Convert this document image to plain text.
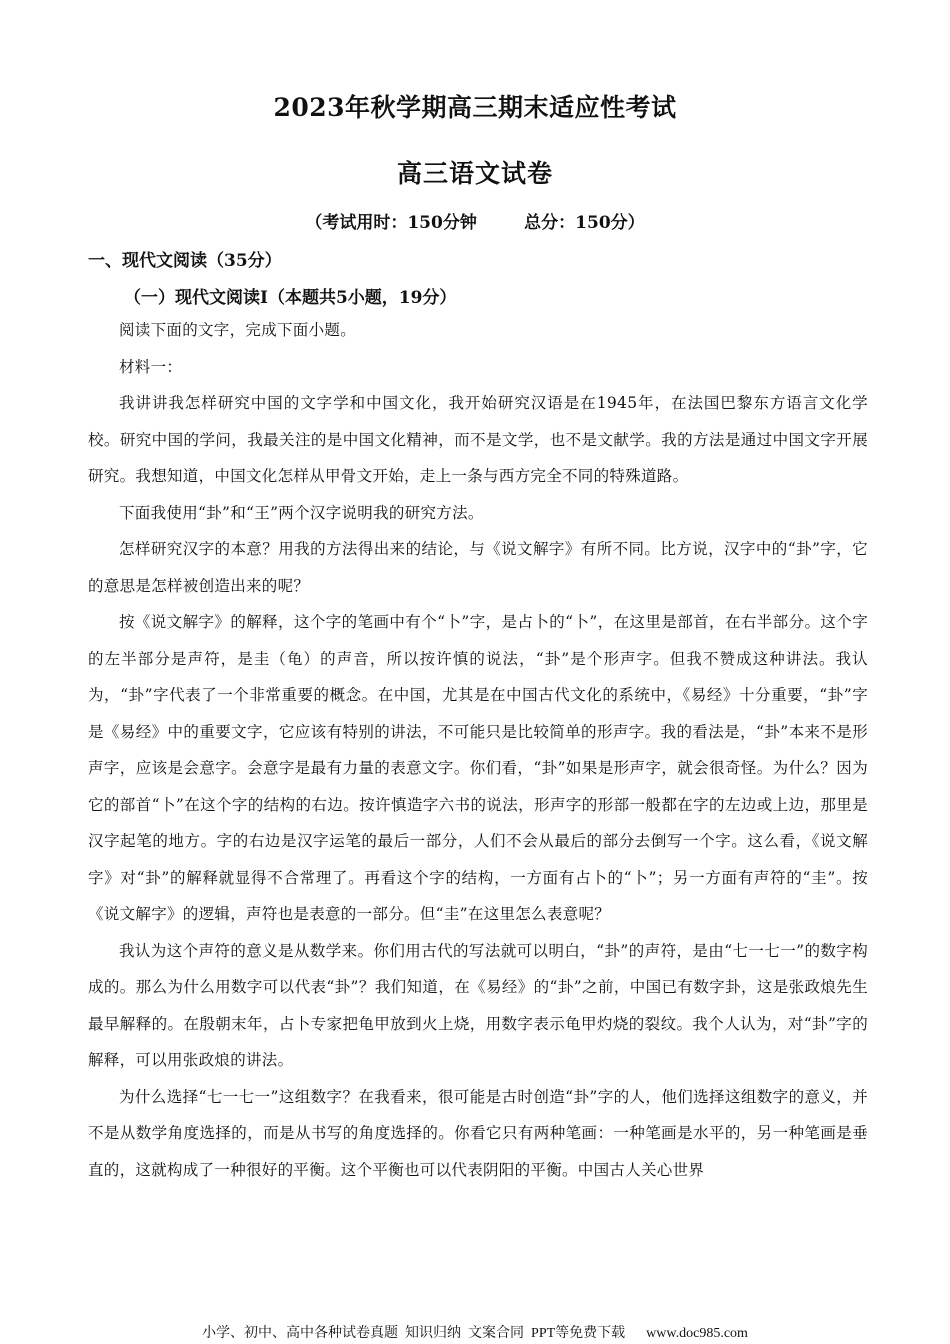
2023年秋学期高三期末适应性考试
高三语文试卷
（考试用时：150分钟        总分：150分）
一、现代文阅读（35分）
（一）现代文阅读Ⅰ（本题共5小题，19分）

阅读下面的文字，完成下面小题。

材料一：

我讲讲我怎样研究中国的文字学和中国文化，我开始研究汉语是在1945年，在法国巴黎东方语言文化学校。研究中国的学问，我最关注的是中国文化精神，而不是文学，也不是文献学。我的方法是通过中国文字开展研究。我想知道，中国文化怎样从甲骨文开始，走上一条与西方完全不同的特殊道路。

下面我使用“卦”和“王”两个汉字说明我的研究方法。

怎样研究汉字的本意？用我的方法得出来的结论，与《说文解字》有所不同。比方说，汉字中的“卦”字，它的意思是怎样被创造出来的呢？

按《说文解字》的解释，这个字的笔画中有个“卜”字，是占卜的“卜”，在这里是部首，在右半部分。这个字的左半部分是声符，是圭（龟）的声音，所以按许慎的说法，“卦”是个形声字。但我不赞成这种讲法。我认为，“卦”字代表了一个非常重要的概念。在中国，尤其是在中国古代文化的系统中，《易经》十分重要，“卦”字是《易经》中的重要文字，它应该有特别的讲法，不可能只是比较简单的形声字。我的看法是，“卦”本来不是形声字，应该是会意字。会意字是最有力量的表意文字。你们看，“卦”如果是形声字，就会很奇怪。为什么？因为它的部首“卜”在这个字的结构的右边。按许慎造字六书的说法，形声字的形部一般都在字的左边或上边，那里是汉字起笔的地方。字的右边是汉字运笔的最后一部分，人们不会从最后的部分去倒写一个字。这么看，《说文解字》对“卦”的解释就显得不合常理了。再看这个字的结构，一方面有占卜的“卜”；另一方面有声符的“圭”。按《说文解字》的逻辑，声符也是表意的一部分。但“圭”在这里怎么表意呢？

我认为这个声符的意义是从数学来。你们用古代的写法就可以明白，“卦”的声符，是由“七一七一”的数字构成的。那么为什么用数字可以代表“卦”？我们知道，在《易经》的“卦”之前，中国已有数字卦，这是张政烺先生最早解释的。在殷朝末年，占卜专家把龟甲放到火上烧，用数字表示龟甲灼烧的裂纹。我个人认为，对“卦”字的解释，可以用张政烺的讲法。

为什么选择“七一七一”这组数字？在我看来，很可能是古时创造“卦”字的人，他们选择这组数字的意义，并不是从数学角度选择的，而是从书写的角度选择的。你看它只有两种笔画：一种笔画是水平的，另一种笔画是垂直的，这就构成了一种很好的平衡。这个平衡也可以代表阴阳的平衡。中国古人关心世界

小学、初中、高中各种试卷真题  知识归纳  文案合同  PPT等免费下载      www.doc985.com
